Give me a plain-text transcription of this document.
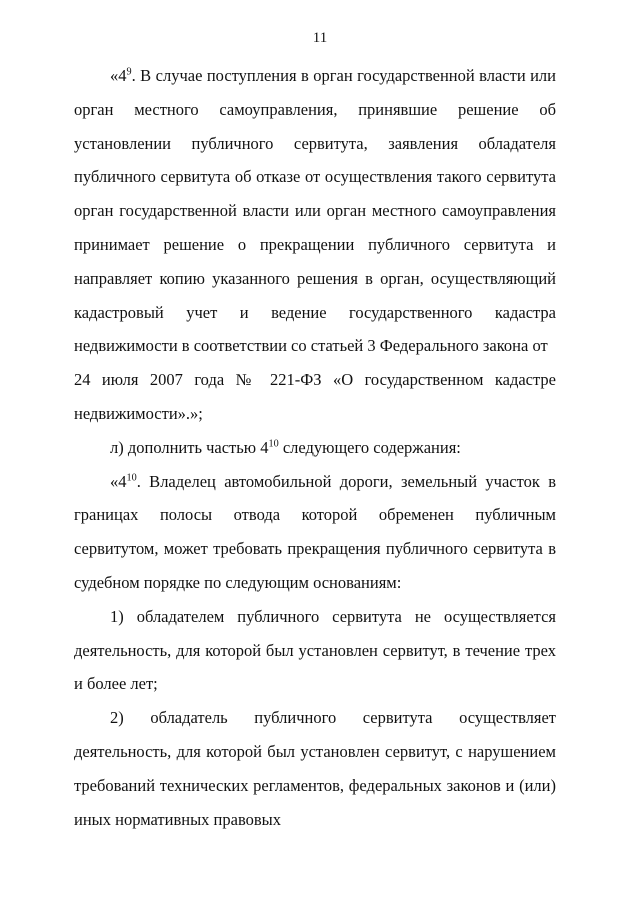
11
«$4^9$. В случае поступления в орган государственной власти или орган местного самоуправления, принявшие решение об установлении публичного сервитута, заявления обладателя публичного сервитута об отказе от осуществления такого сервитута орган государственной власти или орган местного самоуправления принимает решение о прекращении публичного сервитута и направляет копию указанного решения в орган, осуществляющий кадастровый учет и ведение государственного кадастра недвижимости в соответствии со статьей 3 Федерального закона от
24 июля 2007 года № 221-ФЗ «О государственном кадастре
недвижимости».»;
л) дополнить частью $4^{10}$ следующего содержания:
«$4^{10}$. Владелец автомобильной дороги, земельный участок в границах полосы отвода которой обременен публичным сервитутом, может требовать прекращения публичного сервитута в судебном порядке по следующим основаниям:
1) обладателем публичного сервитута не осуществляется деятельность, для которой был установлен сервитут, в течение трех и более лет;
2) обладатель публичного сервитута осуществляет деятельность, для которой был установлен сервитут, с нарушением требований технических регламентов, федеральных законов и (или) иных нормативных правовых
